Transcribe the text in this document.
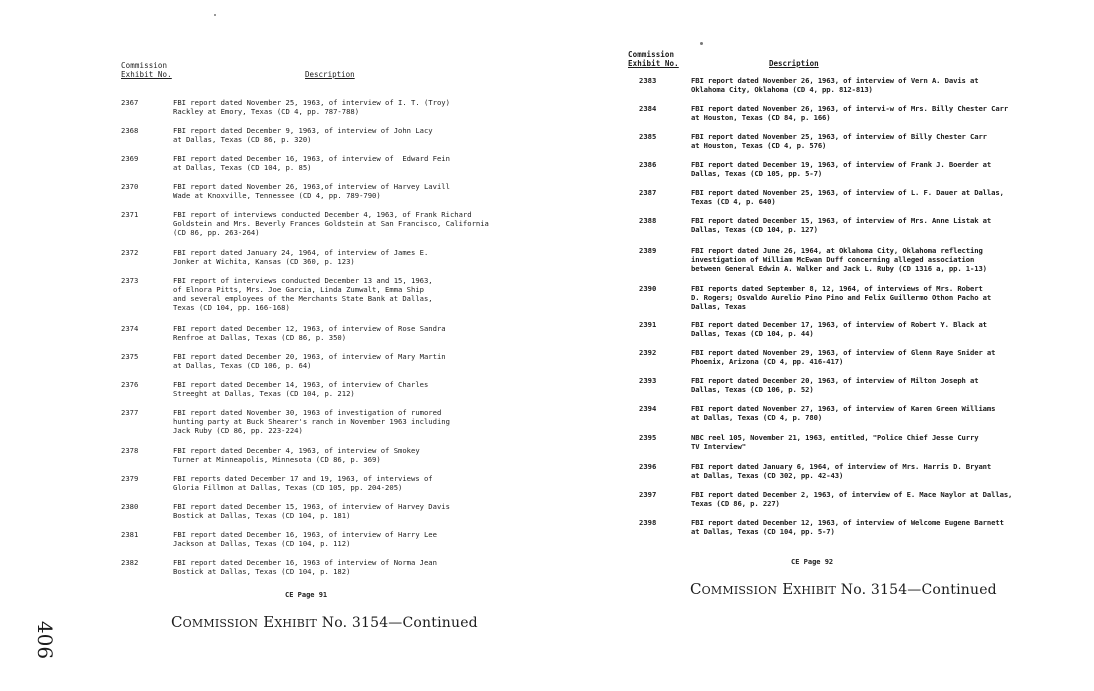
Commission
Exhibit No.	Description
2367	FBI report dated November 25, 1963, of interview of I. T. (Troy)
Rackley at Emory, Texas (CD 4, pp. 787-788)
2368	FBI report dated December 9, 1963, of interview of John Lacy
at Dallas, Texas (CD 86, p. 320)
2369	FBI report dated December 16, 1963, of interview of  Edward Fein
at Dallas, Texas (CD 104, p. 85)
2370	FBI report dated November 26, 1963,of interview of Harvey Lavill
Wade at Knoxville, Tennessee (CD 4, pp. 789-790)
2371	FBI report of interviews conducted December 4, 1963, of Frank Richard
Goldstein and Mrs. Beverly Frances Goldstein at San Francisco, California
(CD 86, pp. 263-264)
2372	FBI report dated January 24, 1964, of interview of James E.
Jonker at Wichita, Kansas (CD 360, p. 123)
2373	FBI report of interviews conducted December 13 and 15, 1963,
of Elnora Pitts, Mrs. Joe Garcia, Linda Zumwalt, Emma Ship
and several employees of the Merchants State Bank at Dallas,
Texas (CD 104, pp. 166-168)
2374	FBI report dated December 12, 1963, of interview of Rose Sandra
Renfroe at Dallas, Texas (CD 86, p. 350)
2375	FBI report dated December 20, 1963, of interview of Mary Martin
at Dallas, Texas (CD 106, p. 64)
2376	FBI report dated December 14, 1963, of interview of Charles
Streeght at Dallas, Texas (CD 104, p. 212)
2377	FBI report dated November 30, 1963 of investigation of rumored
hunting party at Buck Shearer's ranch in November 1963 including
Jack Ruby (CD 86, pp. 223-224)
2378	FBI report dated December 4, 1963, of interview of Smokey
Turner at Minneapolis, Minnesota (CD 86, p. 369)
2379	FBI reports dated December 17 and 19, 1963, of interviews of
Gloria Fillmon at Dallas, Texas (CD 105, pp. 204-205)
2380	FBI report dated December 15, 1963, of interview of Harvey Davis
Bostick at Dallas, Texas (CD 104, p. 181)
2381	FBI report dated December 16, 1963, of interview of Harry Lee
Jackson at Dallas, Texas (CD 104, p. 112)
2382	FBI report dated December 16, 1963 of interview of Norma Jean
Bostick at Dallas, Texas (CD 104, p. 182)
CE Page 91
Commission Exhibit No. 3154—Continued
406
Commission
Exhibit No.	Description
2383	FBI report dated November 26, 1963, of interview of Vern A. Davis at
Oklahoma City, Oklahoma (CD 4, pp. 812-813)
2384	FBI report dated November 26, 1963, of intervi-w of Mrs. Billy Chester Carr
at Houston, Texas (CD 84, p. 166)
2385	FBI report dated November 25, 1963, of interview of Billy Chester Carr
at Houston, Texas (CD 4, p. 576)
2386	FBI report dated December 19, 1963, of interview of Frank J. Boerder at
Dallas, Texas (CD 105, pp. 5-7)
2387	FBI report dated November 25, 1963, of interview of L. F. Dauer at Dallas,
Texas (CD 4, p. 640)
2388	FBI report dated December 15, 1963, of interview of Mrs. Anne Listak at
Dallas, Texas (CD 104, p. 127)
2389	FBI report dated June 26, 1964, at Oklahoma City, Oklahoma reflecting
investigation of William McEwan Duff concerning alleged association
between General Edwin A. Walker and Jack L. Ruby (CD 1316 a, pp. 1-13)
2390	FBI reports dated September 8, 12, 1964, of interviews of Mrs. Robert
D. Rogers; Osvaldo Aurelio Pino Pino and Felix Guillermo Othon Pacho at
Dallas, Texas
2391	FBI report dated December 17, 1963, of interview of Robert Y. Black at
Dallas, Texas (CD 104, p. 44)
2392	FBI report dated November 29, 1963, of interview of Glenn Raye Snider at
Phoenix, Arizona (CD 4, pp. 416-417)
2393	FBI report dated December 20, 1963, of interview of Milton Joseph at
Dallas, Texas (CD 106, p. 52)
2394	FBI report dated November 27, 1963, of interview of Karen Green Williams
at Dallas, Texas (CD 4, p. 780)
2395	NBC reel 105, November 21, 1963, entitled, "Police Chief Jesse Curry
TV Interview"
2396	FBI report dated January 6, 1964, of interview of Mrs. Harris D. Bryant
at Dallas, Texas (CD 302, pp. 42-43)
2397	FBI report dated December 2, 1963, of interview of E. Mace Naylor at Dallas,
Texas (CD 86, p. 227)
2398	FBI report dated December 12, 1963, of interview of Welcome Eugene Barnett
at Dallas, Texas (CD 104, pp. 5-7)
CE Page 92
Commission Exhibit No. 3154—Continued
